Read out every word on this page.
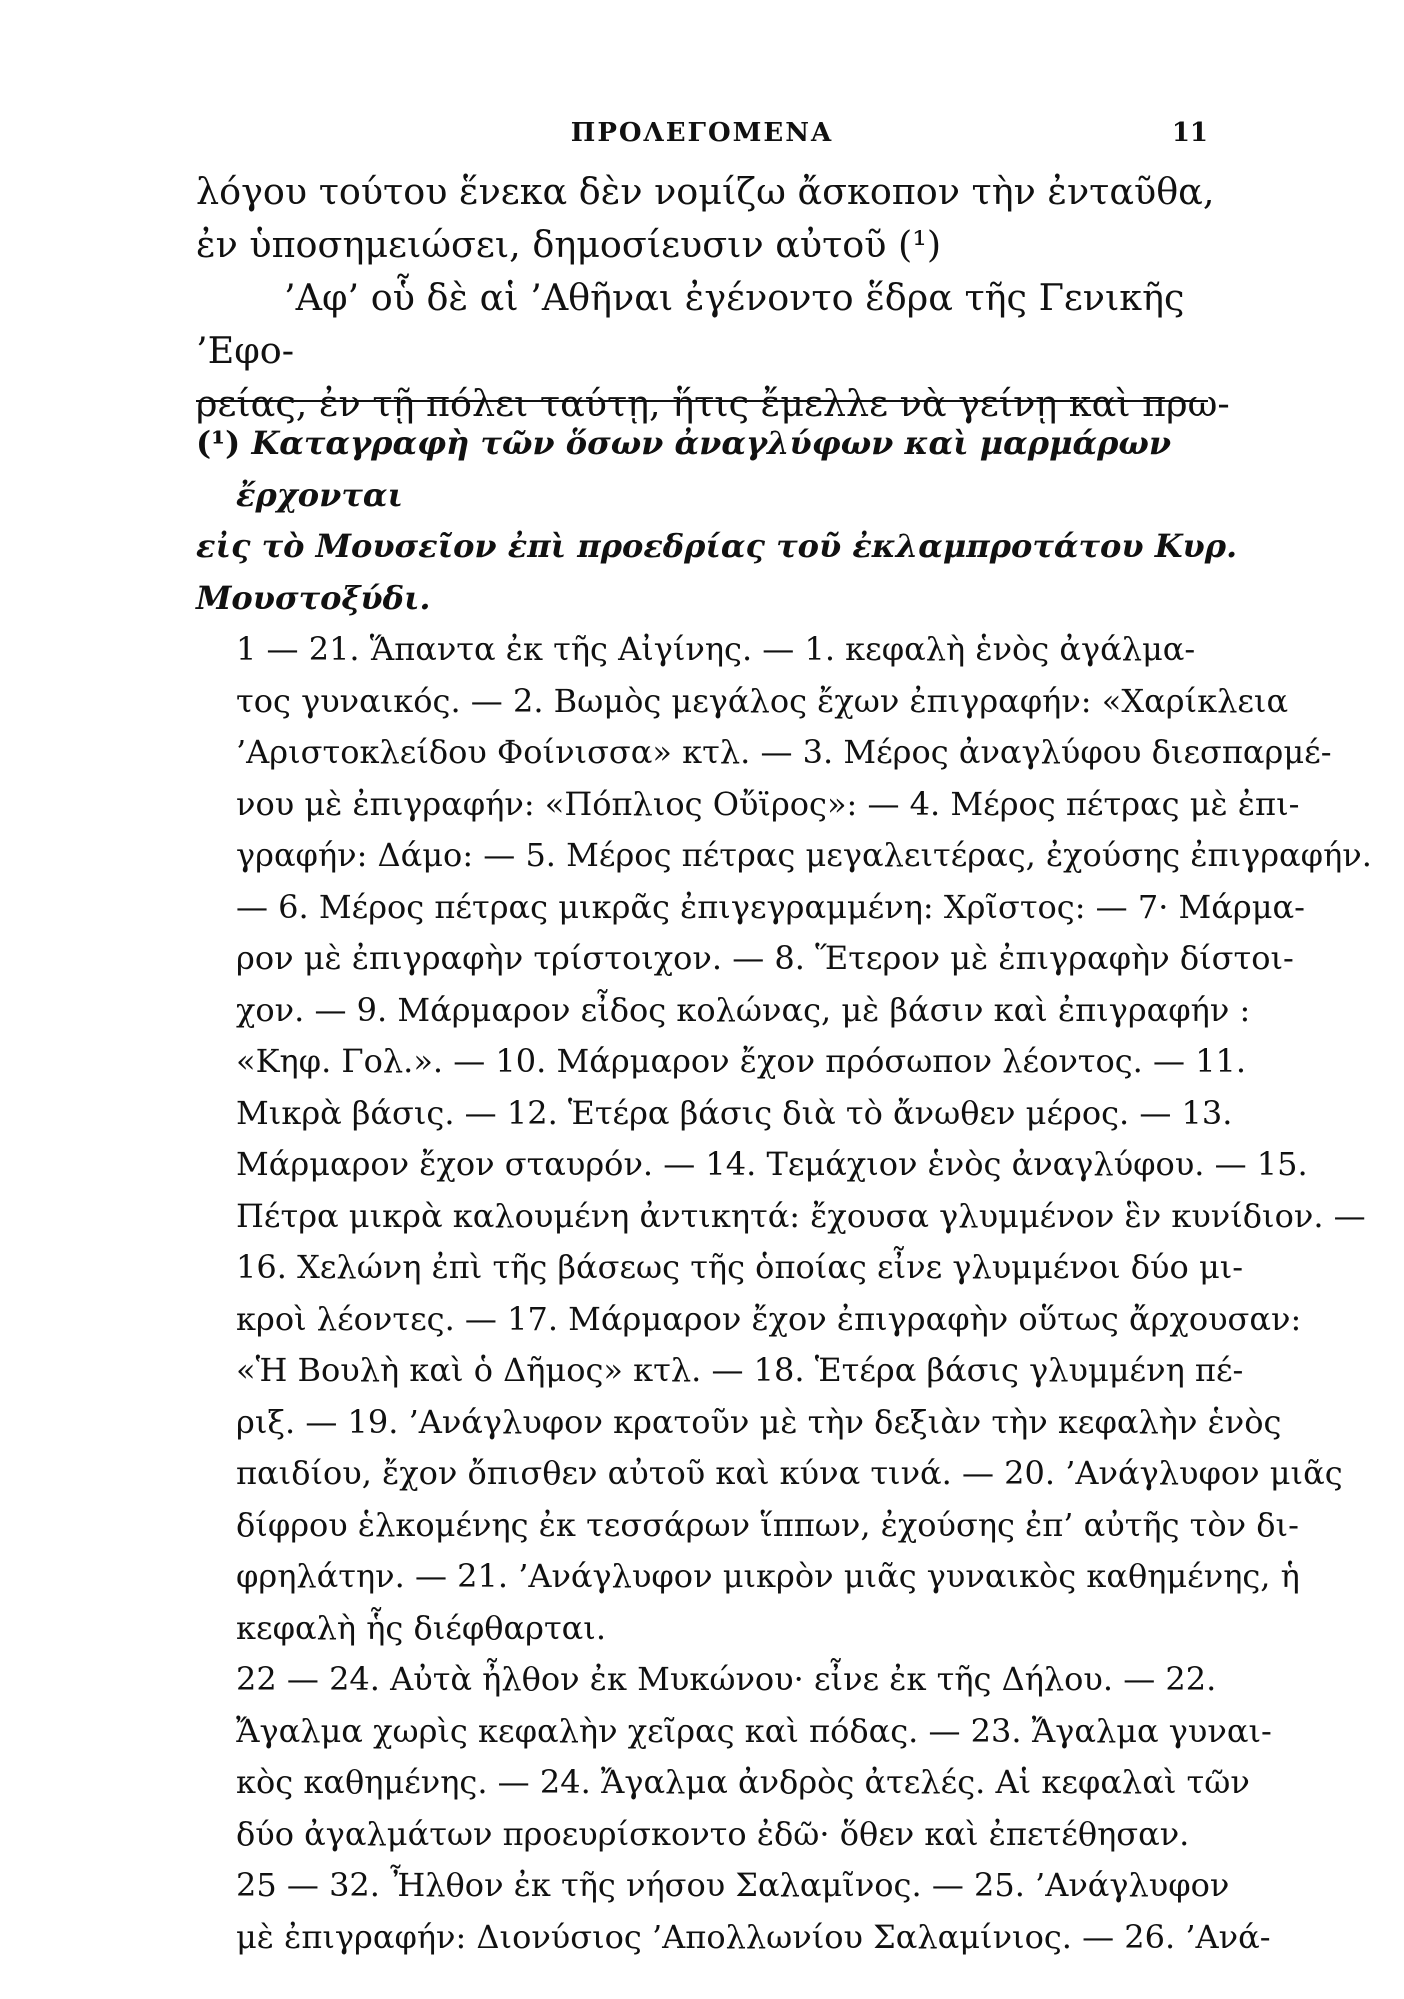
ΠΡΟΛΕΓΟΜΕΝΑ	11

λόγου τούτου ἕνεκα δὲν νομίζω ἄσκοπον τὴν ἐνταῦθα,

ἐν ὑποσημειώσει, δημοσίευσιν αὐτοῦ (¹)

’Αφ’ οὗ δὲ αἱ ’Αθῆναι ἐγένοντο ἕδρα τῆς Γενικῆς ’Εφο-

ρείας, ἐν τῇ πόλει ταύτῃ, ἥτις ἔμελλε νὰ γείνῃ καὶ πρω-

(¹) Καταγραφὴ τῶν ὅσων ἀναγλύφων καὶ μαρμάρων ἔρχονται
εἰς τὸ Μουσεῖον ἐπὶ προεδρίας τοῦ ἐκλαμπροτάτου Κυρ.
Μουστοξύδι.
1 — 21. Ἅπαντα ἐκ τῆς Αἰγίνης. — 1. κεφαλὴ ἑνὸς ἀγάλμα-
τος γυναικός. — 2. Βωμὸς μεγάλος ἔχων ἐπιγραφήν: «Χαρίκλεια
’Αριστοκλείδου Φοίνισσα» κτλ. — 3. Μέρος ἀναγλύφου διεσπαρμέ-
νου μὲ ἐπιγραφήν: «Πόπλιος Οὔϊρος»: — 4. Μέρος πέτρας μὲ ἐπι-
γραφήν: Δάμο: — 5. Μέρος πέτρας μεγαλειτέρας, ἐχούσης ἐπιγραφήν.
— 6. Μέρος πέτρας μικρᾶς ἐπιγεγραμμένη: Χρῖστος: — 7· Μάρμα-
ρον μὲ ἐπιγραφὴν τρίστοιχον. — 8. Ἕτερον μὲ ἐπιγραφὴν δίστοι-
χον. — 9. Μάρμαρον εἶδος κολώνας, μὲ βάσιν καὶ ἐπιγραφήν :
«Κηφ. Γολ.». — 10. Μάρμαρον ἔχον πρόσωπον λέοντος. — 11.
Μικρὰ βάσις. — 12. Ἑτέρα βάσις διὰ τὸ ἄνωθεν μέρος. — 13.
Μάρμαρον ἔχον σταυρόν. — 14. Τεμάχιον ἑνὸς ἀναγλύφου. — 15.
Πέτρα μικρὰ καλουμένη ἀντικητά: ἔχουσα γλυμμένον ἓν κυνίδιον. —
16. Χελώνη ἐπὶ τῆς βάσεως τῆς ὁποίας εἶνε γλυμμένοι δύο μι-
κροὶ λέοντες. — 17. Μάρμαρον ἔχον ἐπιγραφὴν οὕτως ἄρχουσαν:
«Ἡ Βουλὴ καὶ ὁ Δῆμος» κτλ. — 18. Ἑτέρα βάσις γλυμμένη πέ-
ριξ. — 19. ’Ανάγλυφον κρατοῦν μὲ τὴν δεξιὰν τὴν κεφαλὴν ἑνὸς
παιδίου, ἔχον ὄπισθεν αὐτοῦ καὶ κύνα τινά. — 20. ’Ανάγλυφον μιᾶς
δίφρου ἑλκομένης ἐκ τεσσάρων ἵππων, ἐχούσης ἐπ’ αὐτῆς τὸν δι-
φρηλάτην. — 21. ’Ανάγλυφον μικρὸν μιᾶς γυναικὸς καθημένης, ἡ
κεφαλὴ ἧς διέφθαρται.
22 — 24. Αὐτὰ ἦλθον ἐκ Μυκώνου· εἶνε ἐκ τῆς Δήλου. — 22.
Ἄγαλμα χωρὶς κεφαλὴν χεῖρας καὶ πόδας. — 23. Ἄγαλμα γυναι-
κὸς καθημένης. — 24. Ἄγαλμα ἀνδρὸς ἀτελές. Αἱ κεφαλαὶ τῶν
δύο ἀγαλμάτων προευρίσκοντο ἐδῶ· ὅθεν καὶ ἐπετέθησαν.
25 — 32. Ἦλθον ἐκ τῆς νήσου Σαλαμῖνος. — 25. ’Ανάγλυφον
μὲ ἐπιγραφήν: Διονύσιος ’Απολλωνίου Σαλαμίνιος. — 26. ’Ανά-
